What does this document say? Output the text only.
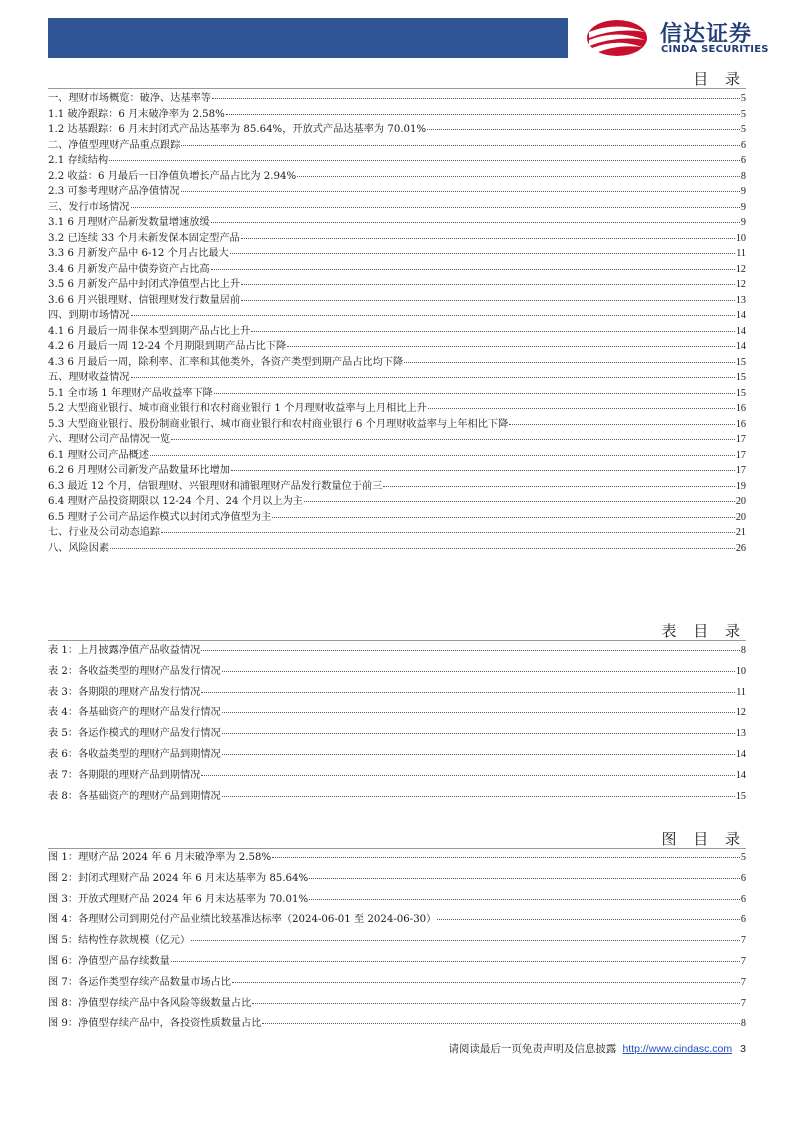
信达证券
CINDA SECURITIES
目 录
一、理财市场概览：破净、达基率等	5
1.1 破净跟踪：6 月末破净率为 2.58%	5
1.2 达基跟踪：6 月末封闭式产品达基率为 85.64%，开放式产品达基率为 70.01%	5
二、净值型理财产品重点跟踪	6
2.1 存续结构	6
2.2 收益：6 月最后一日净值负增长产品占比为 2.94%	8
2.3 可参考理财产品净值情况	9
三、发行市场情况	9
3.1 6 月理财产品新发数量增速放缓	9
3.2 已连续 33 个月未新发保本固定型产品	10
3.3 6 月新发产品中 6-12 个月占比最大	11
3.4 6 月新发产品中债券资产占比高	12
3.5 6 月新发产品中封闭式净值型占比上升	12
3.6 6 月兴银理财、信银理财发行数量居前	13
四、到期市场情况	14
4.1 6 月最后一周非保本型到期产品占比上升	14
4.2 6 月最后一周 12-24 个月期限到期产品占比下降	14
4.3 6 月最后一周，除利率、汇率和其他类外，各资产类型到期产品占比均下降	15
五、理财收益情况	15
5.1 全市场 1 年理财产品收益率下降	15
5.2 大型商业银行、城市商业银行和农村商业银行 1 个月理财收益率与上月相比上升	16
5.3 大型商业银行、股份制商业银行、城市商业银行和农村商业银行 6 个月理财收益率与上年相比下降	16
六、理财公司产品情况一览	17
6.1 理财公司产品概述	17
6.2 6 月理财公司新发产品数量环比增加	17
6.3 最近 12 个月，信银理财、兴银理财和浦银理财产品发行数量位于前三	19
6.4 理财产品投资期限以 12-24 个月、24 个月以上为主	20
6.5 理财子公司产品运作模式以封闭式净值型为主	20
七、行业及公司动态追踪	21
八、风险因素	26
表 目 录
表 1：上月披露净值产品收益情况	8
表 2：各收益类型的理财产品发行情况	10
表 3：各期限的理财产品发行情况	11
表 4：各基础资产的理财产品发行情况	12
表 5：各运作模式的理财产品发行情况	13
表 6：各收益类型的理财产品到期情况	14
表 7：各期限的理财产品到期情况	14
表 8：各基础资产的理财产品到期情况	15
图 目 录
图 1：理财产品 2024 年 6 月末破净率为 2.58%	5
图 2：封闭式理财产品 2024 年 6 月末达基率为 85.64%	6
图 3：开放式理财产品 2024 年 6 月末达基率为 70.01%	6
图 4：各理财公司到期兑付产品业绩比较基准达标率（2024-06-01 至 2024-06-30）	6
图 5：结构性存款规模（亿元）	7
图 6：净值型产品存续数量	7
图 7：各运作类型存续产品数量市场占比	7
图 8：净值型存续产品中各风险等级数量占比	7
图 9：净值型存续产品中，各投资性质数量占比	8
请阅读最后一页免责声明及信息披露 http://www.cindasc.com 3
